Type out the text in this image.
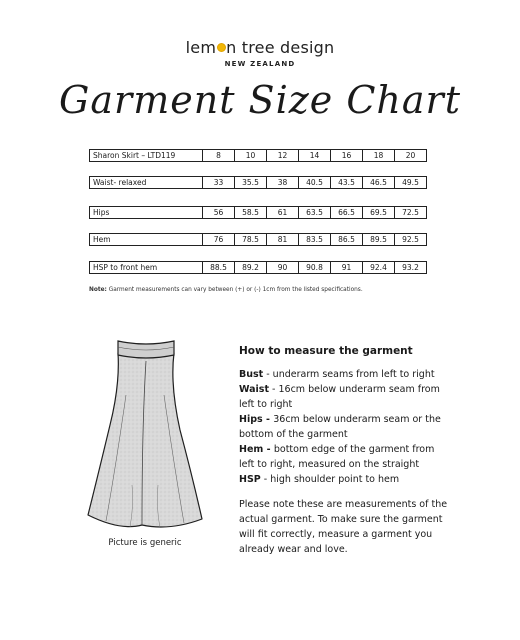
lem n tree design
NEW ZEALAND
Garment Size Chart
Sharon Skirt – LTD119	8	10	12	14	16	18	20
Waist- relaxed	33	35.5	38	40.5	43.5	46.5	49.5
Hips	56	58.5	61	63.5	66.5	69.5	72.5
Hem	76	78.5	81	83.5	86.5	89.5	92.5
HSP to front hem	88.5	89.2	90	90.8	91	92.4	93.2
Note: Garment measurements can vary between (+) or (-) 1cm from the listed specifications.
Picture is generic
How to measure the garment
Bust - underarm seams from left to right
Waist - 16cm below underarm seam from left to right
Hips - 36cm below underarm seam or the bottom of the garment
Hem - bottom edge of the garment from left to right, measured on the straight
HSP - high shoulder point to hem
Please note these are measurements of the actual garment. To make sure the garment will fit correctly, measure a garment you already wear and love.
